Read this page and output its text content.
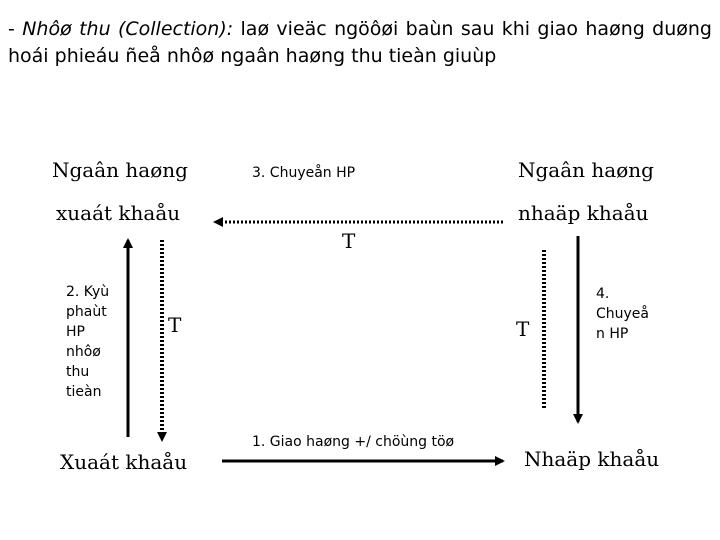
- Nhôø thu (Collection): laø vieäc ngöôøi baùn sau khi giao haøng duøng hoái phieáu ñeå nhôø ngaân haøng thu tieàn giuùp

Ngaân haøng
xuaát khaåu
Ngaân haøng
nhaäp khaåu
Xuaát khaåu	Nhaäp khaåu
3. Chuyeån HP
1. Giao haøng +/ chöùng töø
2. Kyù
phaùt
HP
nhôø
thu
tieàn
4.
Chuyeå
n HP
T
T	T
